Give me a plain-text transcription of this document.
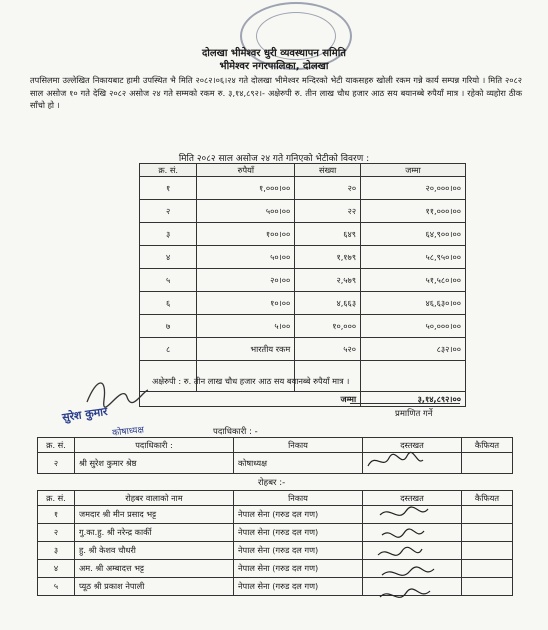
दोलखा भीमेश्वर धुरी व्यवस्थापन समिति
भीमेश्वर नगरपालिका, दोलखा
तपसिलमा उल्लेखित निकायबाट हामी उपस्थित भै मिति २०८२।०६।२४ गते दोलखा भीमेश्वर मन्दिरको भेटी याकसहरु खोली रकम गन्ने कार्य सम्पन्न गरियो । मिति २०८२ साल असोज १० गते देखि २०८२ असोज २४ गते सम्मको रकम रु. ३,१४,८९२।- अक्षेरुपी रु. तीन लाख चौध हजार आठ सय बयानब्बे रुपैयाँ मात्र । रहेको व्यहोरा ठीक साँचो हो ।
मिति २०८२ साल असोज २४ गते गनिएको भेटीको विवरण :
क्र. सं.	रुपैयाँ	संख्या	जम्मा
१	१,०००।००	२०	२०,०००।००
२	५००।००	२२	११,०००।००
३	१००।००	६४९	६४,९००।००
४	५०।००	१,१७९	५८,९५०।००
५	२०।००	२,५७९	५१,५८०।००
६	१०।००	४,६६३	४६,६३०।००
७	५।००	१०,०००	५०,०००।००
८	भारतीय रकम	५२०	८३२।००

जम्मा			३,१४,८९२।००
अक्षेरुपी : रु. तीन लाख चौध हजार आठ सय बयानब्बे रुपैयाँ मात्र ।
सुरेश कुमार
कोषाध्यक्ष
प्रमाणित गर्ने
पदाधिकारी : -
क्र. सं.	पदाधिकारी :	निकाय	दस्तखत	कैफियत
२	श्री सुरेश कुमार श्रेष्ठ	कोषाध्यक्ष		
रोहबर :-
क्र. सं.	रोहबर वालाको नाम	निकाय	दस्तखत	कैफियत
१	जमदार श्री मीन प्रसाद भट्ट	नेपाल सेना (गरुड दल गण)		
२	गु.का.हु. श्री नरेन्द्र कार्की	नेपाल सेना (गरुड दल गण)		
३	हु. श्री केशव चौधरी	नेपाल सेना (गरुड दल गण)		
४	अम. श्री अम्बादत्त भट्ट	नेपाल सेना (गरुड दल गण)		
५	प्यूठ श्री प्रकाश नेपाली	नेपाल सेना (गरुड दल गण)		
